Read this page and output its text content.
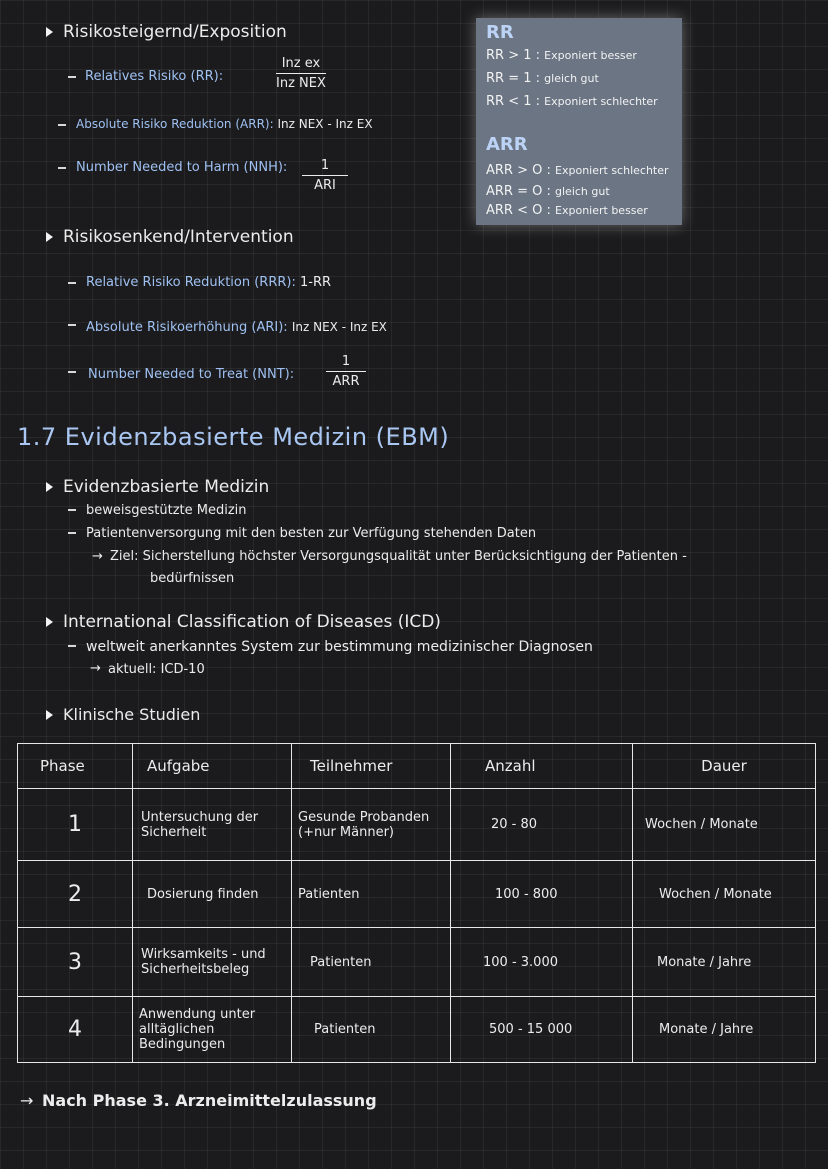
Risikosteigernd/Exposition
Relatives Risiko (RR):
Inz ex
Inz NEX
Absolute Risiko Reduktion (ARR): Inz NEX - Inz EX
Number Needed to Harm (NNH):	1
ARI
RR
RR > 1 : Exponiert besser
RR = 1 : gleich gut
RR < 1 : Exponiert schlechter
ARR
ARR > O : Exponiert schlechter
ARR = O : gleich gut
ARR < O : Exponiert besser
Risikosenkend/Intervention
Relative Risiko Reduktion (RRR): 1-RR
Absolute Risikoerhöhung (ARI): Inz NEX - Inz EX
Number Needed to Treat (NNT):
1
ARR
1.7 Evidenzbasierte Medizin (EBM)
Evidenzbasierte Medizin
beweisgestützte Medizin
Patientenversorgung mit den besten zur Verfügung stehenden Daten
→ Ziel: Sicherstellung höchster Versorgungsqualität unter Berücksichtigung der Patienten -
bedürfnissen
International Classification of Diseases (ICD)
weltweit anerkanntes System zur bestimmung medizinischer Diagnosen
→ aktuell: ICD-10
Klinische Studien
Phase	Aufgabe	Teilnehmer	Anzahl	Dauer
1	Untersuchung der Sicherheit	Gesunde Probanden (+nur Männer)	20 - 80	Wochen / Monate
2	Dosierung finden	Patienten	100 - 800	Wochen / Monate
3	Wirksamkeits - und Sicherheitsbeleg	Patienten	100 - 3.000	Monate / Jahre
4	Anwendung unter alltäglichen Bedingungen	Patienten	500 - 15 000	Monate / Jahre
→ Nach Phase 3. Arzneimittelzulassung
